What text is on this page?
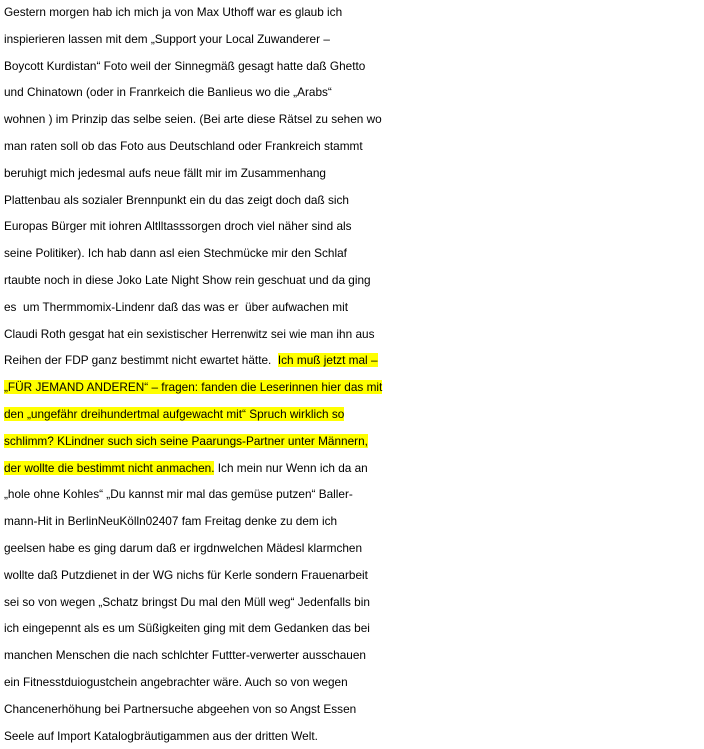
Gestern morgen hab ich mich ja von Max Uthoff war es glaub ich
inspierieren lassen mit dem „Support your Local Zuwanderer –
Boycott Kurdistan“ Foto weil der Sinnegmäß gesagt hatte daß Ghetto
und Chinatown (oder in Franrkeich die Banlieus wo die „Arabs“
wohnen ) im Prinzip das selbe seien. (Bei arte diese Rätsel zu sehen wo
man raten soll ob das Foto aus Deutschland oder Frankreich stammt
beruhigt mich jedesmal aufs neue fällt mir im Zusammenhang
Plattenbau als sozialer Brennpunkt ein du das zeigt doch daß sich
Europas Bürger mit iohren Altlltasssorgen droch viel näher sind als
seine Politiker). Ich hab dann asl eien Stechmücke mir den Schlaf
rtaubte noch in diese Joko Late Night Show rein geschuat und da ging
es  um Thermmomix-Lindenr daß das was er  über aufwachen mit
Claudi Roth gesgat hat ein sexistischer Herrenwitz sei wie man ihn aus
Reihen der FDP ganz bestimmt nicht ewartet hätte.  Ich muß jetzt mal –
„FÜR JEMAND ANDEREN“ – fragen: fanden die Leserinnen hier das mit
den „ungefähr dreihundertmal aufgewacht mit“ Spruch wirklich so
schlimm? KLindner such sich seine Paarungs-Partner unter Männern,
der wollte die bestimmt nicht anmachen. Ich mein nur Wenn ich da an
„hole ohne Kohles“ „Du kannst mir mal das gemüse putzen“ Baller-
mann-Hit in BerlinNeuKölln02407 fam Freitag denke zu dem ich
geelsen habe es ging darum daß er irgdnwelchen Mädesl klarmchen
wollte daß Putzdienet in der WG nichs für Kerle sondern Frauenarbeit
sei so von wegen „Schatz bringst Du mal den Müll weg“ Jedenfalls bin
ich eingepennt als es um Süßigkeiten ging mit dem Gedanken das bei
manchen Menschen die nach schlchter Futtter-verwerter ausschauen
ein Fitnesstduiogustchein angebrachter wäre. Auch so von wegen
Chancenerhöhung bei Partnersuche abgeehen von so Angst Essen
Seele auf Import Katalogbräutigammen aus der dritten Welt.
